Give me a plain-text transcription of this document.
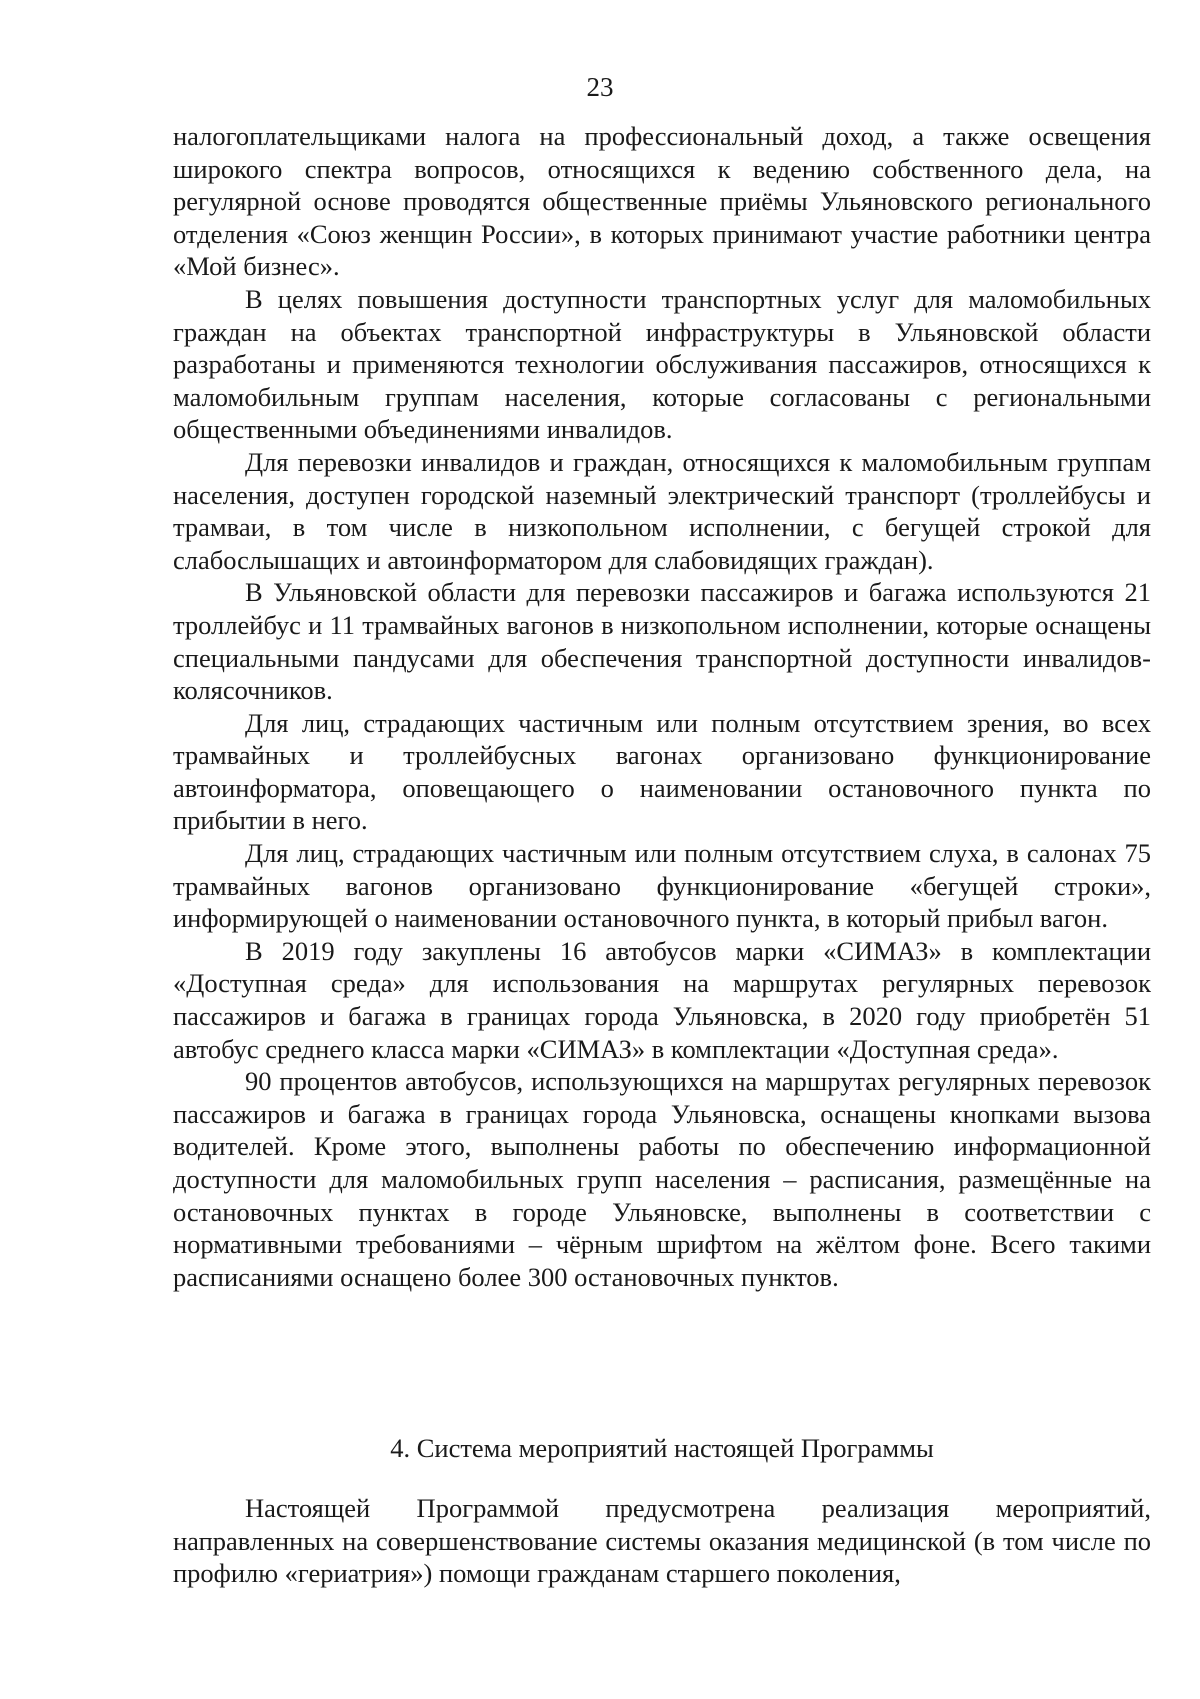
23

налогоплательщиками налога на профессиональный доход, а также освещения широкого спектра вопросов, относящихся к ведению собственного дела, на регулярной основе проводятся общественные приёмы Ульяновского регионального отделения «Союз женщин России», в которых принимают участие работники центра «Мой бизнес».

В целях повышения доступности транспортных услуг для маломобильных граждан на объектах транспортной инфраструктуры в Ульяновской области разработаны и применяются технологии обслуживания пассажиров, относящихся к маломобильным группам населения, которые согласованы с региональными общественными объединениями инвалидов.

Для перевозки инвалидов и граждан, относящихся к маломобильным группам населения, доступен городской наземный электрический транспорт (троллейбусы и трамваи, в том числе в низкопольном исполнении, с бегущей строкой для слабослышащих и автоинформатором для слабовидящих граждан).

В Ульяновской области для перевозки пассажиров и багажа используются 21 троллейбус и 11 трамвайных вагонов в низкопольном исполнении, которые оснащены специальными пандусами для обеспечения транспортной доступности инвалидов-колясочников.

Для лиц, страдающих частичным или полным отсутствием зрения, во всех трамвайных и троллейбусных вагонах организовано функционирование автоинформатора, оповещающего о наименовании остановочного пункта по прибытии в него.

Для лиц, страдающих частичным или полным отсутствием слуха, в салонах 75 трамвайных вагонов организовано функционирование «бегущей строки», информирующей о наименовании остановочного пункта, в который прибыл вагон.

В 2019 году закуплены 16 автобусов марки «СИМАЗ» в комплектации «Доступная среда» для использования на маршрутах регулярных перевозок пассажиров и багажа в границах города Ульяновска, в 2020 году приобретён 51 автобус среднего класса марки «СИМАЗ» в комплектации «Доступная среда».

90 процентов автобусов, использующихся на маршрутах регулярных перевозок пассажиров и багажа в границах города Ульяновска, оснащены кнопками вызова водителей. Кроме этого, выполнены работы по обеспечению информационной доступности для маломобильных групп населения – расписания, размещённые на остановочных пунктах в городе Ульяновске, выполнены в соответствии с нормативными требованиями – чёрным шрифтом на жёлтом фоне. Всего такими расписаниями оснащено более 300 остановочных пунктов.

4. Система мероприятий настоящей Программы

Настоящей Программой предусмотрена реализация мероприятий, направленных на совершенствование системы оказания медицинской (в том числе по профилю «гериатрия») помощи гражданам старшего поколения,
